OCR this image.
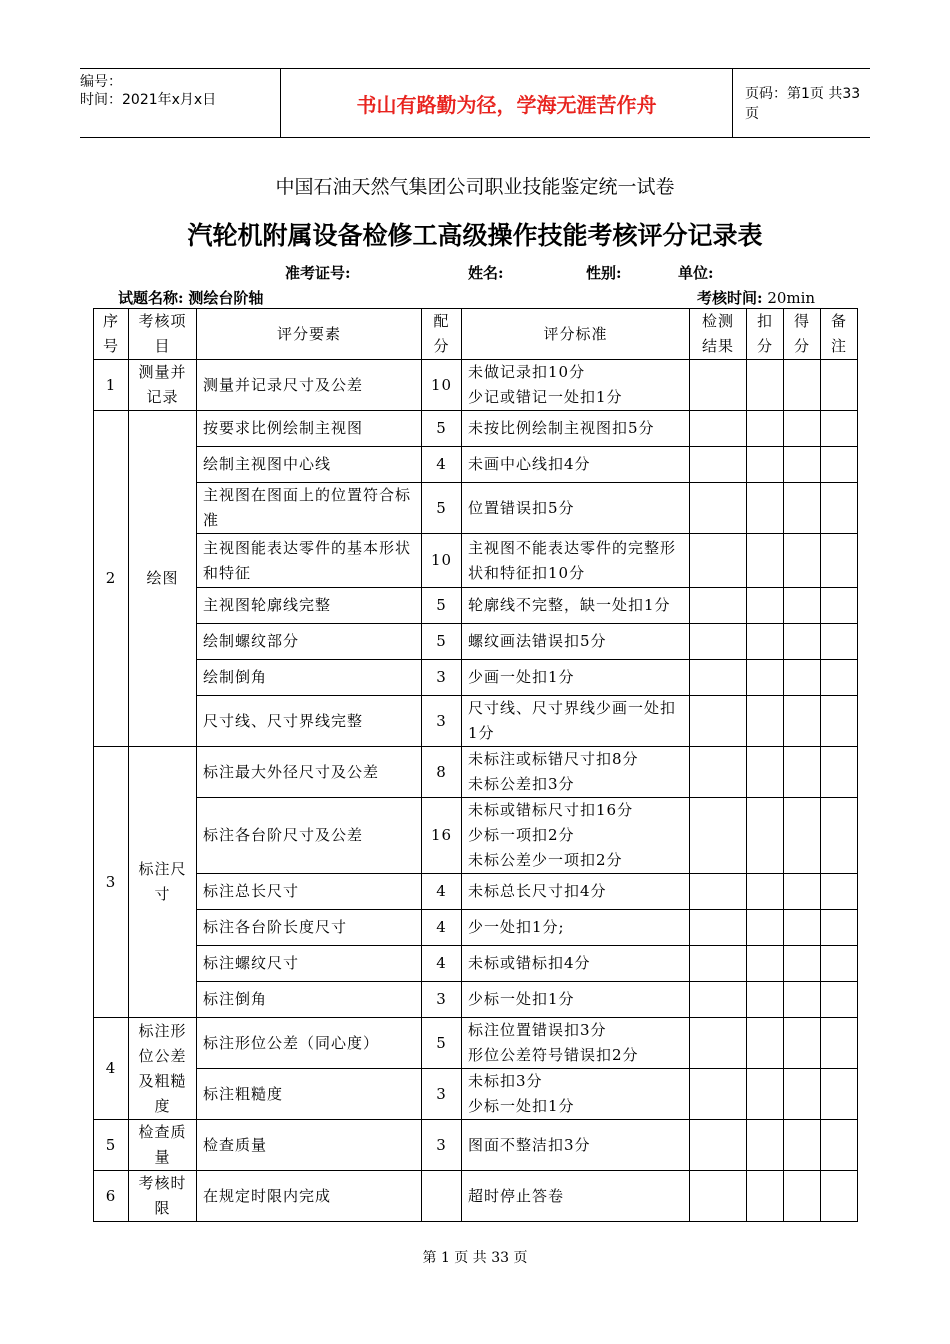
编号：
时间：2021年x月x日	书山有路勤为径，学海无涯苦作舟	页码：第1页 共33页
中国石油天然气集团公司职业技能鉴定统一试卷
汽轮机附属设备检修工高级操作技能考核评分记录表
准考证号:	姓名:	性别:	单位:
试题名称: 测绘台阶轴	考核时间: 20min
序号	考核项目	评分要素	配分	评分标准	检测结果	扣分	得分	备注
1	测量并记录	测量并记录尺寸及公差	10	未做记录扣10分
少记或错记一处扣1分				

2	绘图	按要求比例绘制主视图	5	未按比例绘制主视图扣5分				

		绘制主视图中心线	4	未画中心线扣4分				

		主视图在图面上的位置符合标准	5	位置错误扣5分				

		主视图能表达零件的基本形状和特征	10	主视图不能表达零件的完整形状和特征扣10分				

		主视图轮廓线完整	5	轮廓线不完整，缺一处扣1分				

		绘制螺纹部分	5	螺纹画法错误扣5分				

		绘制倒角	3	少画一处扣1分				

		尺寸线、尺寸界线完整	3	尺寸线、尺寸界线少画一处扣1分				

3	标注尺寸	标注最大外径尺寸及公差	8	未标注或标错尺寸扣8分
未标公差扣3分				

		标注各台阶尺寸及公差	16	未标或错标尺寸扣16分
少标一项扣2分
未标公差少一项扣2分				

		标注总长尺寸	4	未标总长尺寸扣4分				

		标注各台阶长度尺寸	4	少一处扣1分;				

		标注螺纹尺寸	4	未标或错标扣4分				

		标注倒角	3	少标一处扣1分				

4	标注形位公差及粗糙度	标注形位公差（同心度）	5	标注位置错误扣3分
形位公差符号错误扣2分				

		标注粗糙度	3	未标扣3分
少标一处扣1分				

5	检查质量	检查质量	3	图面不整洁扣3分				

6	考核时限	在规定时限内完成		超时停止答卷				

第 1 页 共 33 页
